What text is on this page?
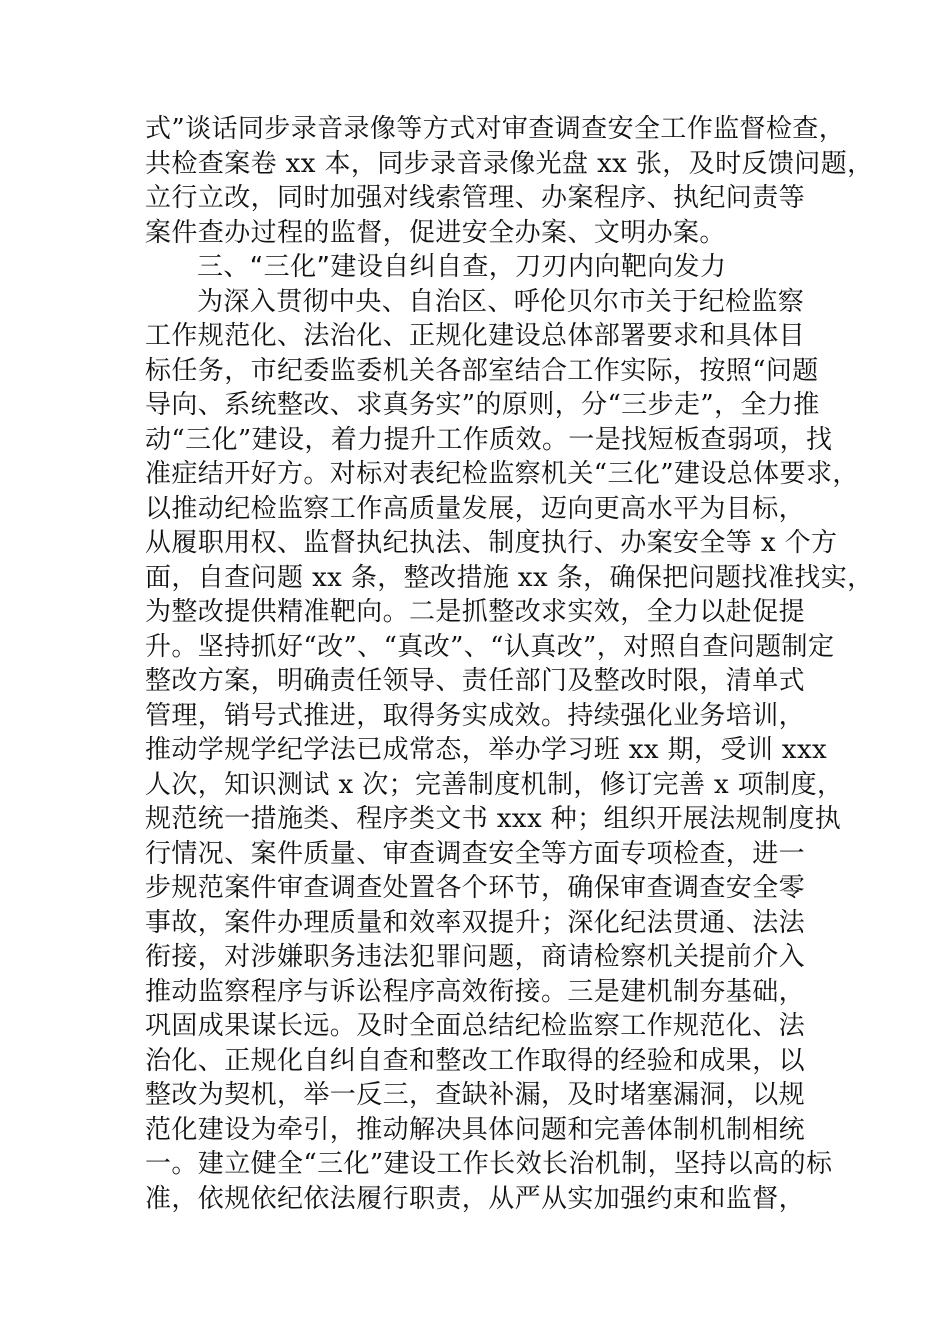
式”谈话同步录音录像等方式对审查调查安全工作监督检查，
共检查案卷 xx 本，同步录音录像光盘 xx 张，及时反馈问题，
立行立改，同时加强对线索管理、办案程序、执纪问责等
案件查办过程的监督，促进安全办案、文明办案。
三、“三化”建设自纠自查，刀刃内向靶向发力
为深入贯彻中央、自治区、呼伦贝尔市关于纪检监察
工作规范化、法治化、正规化建设总体部署要求和具体目
标任务，市纪委监委机关各部室结合工作实际，按照“问题
导向、系统整改、求真务实”的原则，分“三步走”，全力推
动“三化”建设，着力提升工作质效。一是找短板查弱项，找
准症结开好方。对标对表纪检监察机关“三化”建设总体要求，
以推动纪检监察工作高质量发展，迈向更高水平为目标，
从履职用权、监督执纪执法、制度执行、办案安全等 x 个方
面，自查问题 xx 条，整改措施 xx 条，确保把问题找准找实，
为整改提供精准靶向。二是抓整改求实效，全力以赴促提
升。坚持抓好“改”、“真改”、“认真改”，对照自查问题制定
整改方案，明确责任领导、责任部门及整改时限，清单式
管理，销号式推进，取得务实成效。持续强化业务培训，
推动学规学纪学法已成常态，举办学习班 xx 期，受训 xxx
人次，知识测试 x 次；完善制度机制，修订完善 x 项制度，
规范统一措施类、程序类文书 xxx 种；组织开展法规制度执
行情况、案件质量、审查调查安全等方面专项检查，进一
步规范案件审查调查处置各个环节，确保审查调查安全零
事故，案件办理质量和效率双提升；深化纪法贯通、法法
衔接，对涉嫌职务违法犯罪问题，商请检察机关提前介入
推动监察程序与诉讼程序高效衔接。三是建机制夯基础，
巩固成果谋长远。及时全面总结纪检监察工作规范化、法
治化、正规化自纠自查和整改工作取得的经验和成果，以
整改为契机，举一反三，查缺补漏，及时堵塞漏洞，以规
范化建设为牵引，推动解决具体问题和完善体制机制相统
一。建立健全“三化”建设工作长效长治机制，坚持以高的标
准，依规依纪依法履行职责，从严从实加强约束和监督，
